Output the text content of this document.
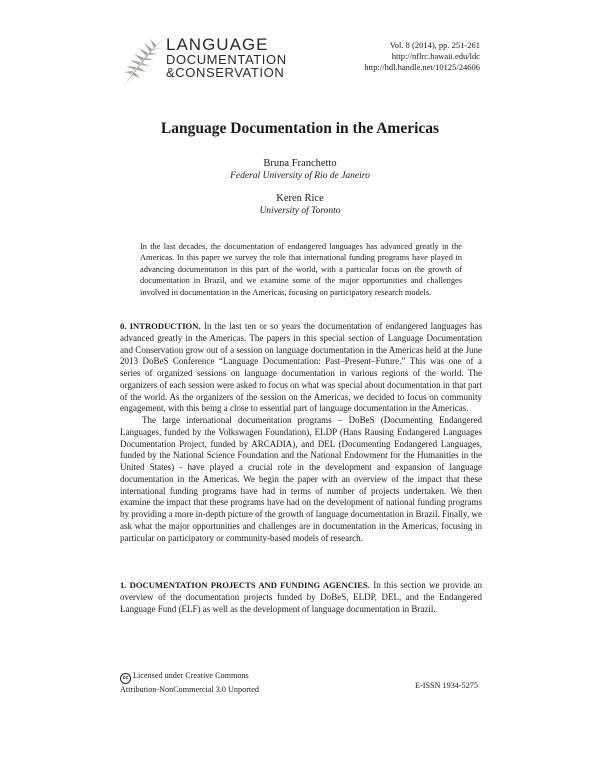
LANGUAGE
DOCUMENTATION
&CONSERVATION
Vol. 8 (2014), pp. 251-261
http://nflrc.hawaii.edu/ldc
http://hdl.handle.net/10125/24606
Language Documentation in the Americas
Bruna Franchetto
Federal University of Rio de Janeiro
Keren Rice
University of Toronto
In the last decades, the documentation of endangered languages has advanced greatly in the Americas. In this paper we survey the role that international funding programs have played in advancing documentation in this part of the world, with a particular focus on the growth of documentation in Brazil, and we examine some of the major opportunities and challenges involved in documentation in the Americas, focusing on participatory research models.

0. INTRODUCTION. In the last ten or so years the documentation of endangered languages has advanced greatly in the Americas. The papers in this special section of Language Documentation and Conservation grow out of a session on language documentation in the Americas held at the June 2013 DoBeS Conference “Language Documentation: Past–Present–Future.” This was one of a series of organized sessions on language documentation in various regions of the world. The organizers of each session were asked to focus on what was special about documentation in that part of the world. As the organizers of the session on the Americas, we decided to focus on community engagement, with this being a close to essential part of language documentation in the Americas.

The large international documentation programs – DoBeS (Documenting Endangered Languages, funded by the Volkswagen Foundation), ELDP (Hans Rausing Endangered Languages Documentation Project, funded by ARCADIA), and DEL (Documenting Endangered Languages, funded by the National Science Foundation and the National Endowment for the Humanities in the United States) - have played a crucial role in the development and expansion of language documentation in the Americas. We begin the paper with an overview of the impact that these international funding programs have had in terms of number of projects undertaken. We then examine the impact that these programs have had on the development of national funding programs by providing a more in-depth picture of the growth of language documentation in Brazil. Finally, we ask what the major opportunities and challenges are in documentation in the Americas, focusing in particular on participatory or community-based models of research.

1. DOCUMENTATION PROJECTS AND FUNDING AGENCIES. In this section we provide an overview of the documentation projects funded by DoBeS, ELDP, DEL, and the Endangered Language Fund (ELF) as well as the development of language documentation in Brazil.

cc Licensed under Creative Commons
Attribution-NonCommercial 3.0 Unported	E-ISSN 1934-5275
